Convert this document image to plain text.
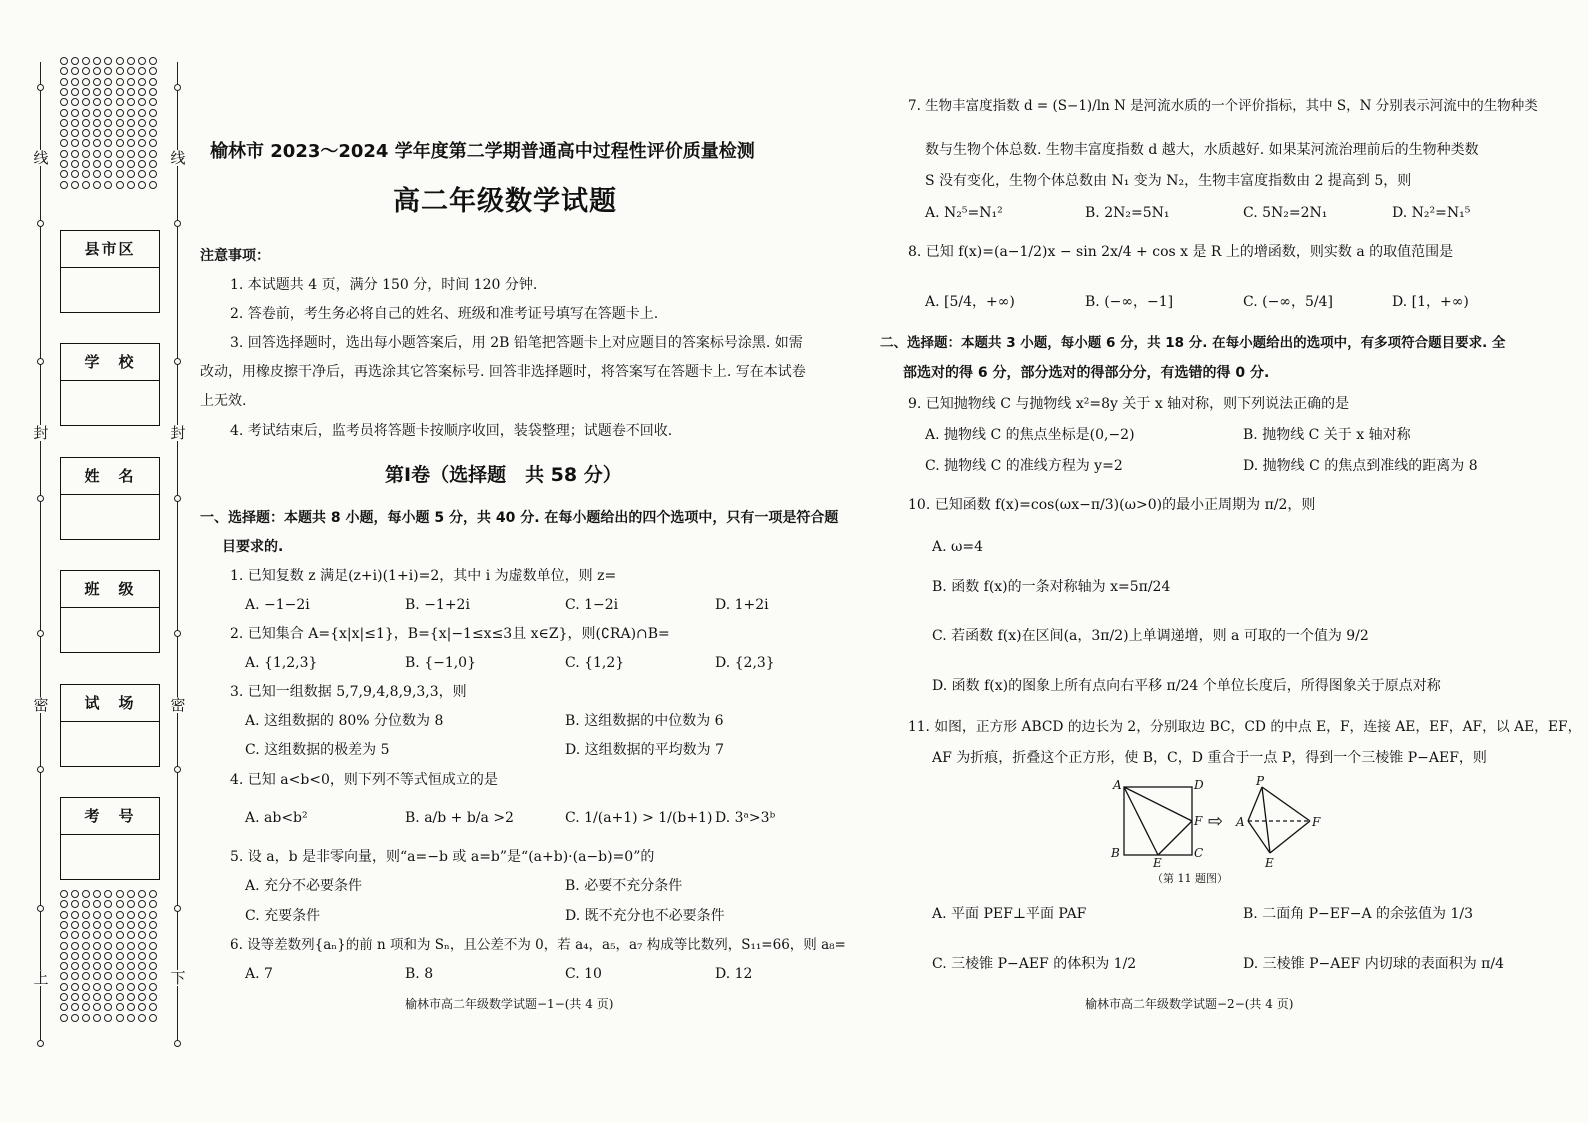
线
封
密
上
线
封
密
下
县市区
学　校
姓　名
班　级
试　场
考　号
榆林市 2023～2024 学年度第二学期普通高中过程性评价质量检测
高二年级数学试题
注意事项：
1. 本试题共 4 页，满分 150 分，时间 120 分钟.
2. 答卷前，考生务必将自己的姓名、班级和准考证号填写在答题卡上.
3. 回答选择题时，选出每小题答案后，用 2B 铅笔把答题卡上对应题目的答案标号涂黑. 如需
改动，用橡皮擦干净后，再选涂其它答案标号. 回答非选择题时，将答案写在答题卡上. 写在本试卷
上无效.
4. 考试结束后，监考员将答题卡按顺序收回，装袋整理；试题卷不回收.
第Ⅰ卷（选择题　共 58 分）
一、选择题：本题共 8 小题，每小题 5 分，共 40 分. 在每小题给出的四个选项中，只有一项是符合题
目要求的.
1. 已知复数 z 满足(z+i)(1+i)=2，其中 i 为虚数单位，则 z=
A. −1−2i	B. −1+2i	C. 1−2i	D. 1+2i
2. 已知集合 A={x|x|≤1}，B={x|−1≤x≤3且 x∈Z}，则(∁RA)∩B=
A. {1,2,3}	B. {−1,0}	C. {1,2}	D. {2,3}
3. 已知一组数据 5,7,9,4,8,9,3,3，则
A. 这组数据的 80% 分位数为 8	B. 这组数据的中位数为 6
C. 这组数据的极差为 5	D. 这组数据的平均数为 7
4. 已知 a<b<0，则下列不等式恒成立的是
A. ab<b²	B. a/b + b/a >2	C. 1/(a+1) > 1/(b+1) D. 3ᵃ>3ᵇ
5. 设 a，b 是非零向量，则“a=−b 或 a=b”是“(a+b)·(a−b)=0”的
A. 充分不必要条件	B. 必要不充分条件
C. 充要条件	D. 既不充分也不必要条件
6. 设等差数列{aₙ}的前 n 项和为 Sₙ，且公差不为 0，若 a₄，a₅，a₇ 构成等比数列，S₁₁=66，则 a₈=
A. 7	B. 8	C. 10	D. 12
榆林市高二年级数学试题−1−(共 4 页)
7. 生物丰富度指数 d = (S−1)/ln N 是河流水质的一个评价指标，其中 S，N 分别表示河流中的生物种类
数与生物个体总数. 生物丰富度指数 d 越大，水质越好. 如果某河流治理前后的生物种类数
S 没有变化，生物个体总数由 N₁ 变为 N₂，生物丰富度指数由 2 提高到 5，则
A. N₂⁵=N₁²	B. 2N₂=5N₁	C. 5N₂=2N₁	D. N₂²=N₁⁵
8. 已知 f(x)=(a−1/2)x − sin 2x/4 + cos x 是 R 上的增函数，则实数 a 的取值范围是
A. [5/4，+∞)	B. (−∞，−1]	C. (−∞，5/4]	D. [1，+∞)
二、选择题：本题共 3 小题，每小题 6 分，共 18 分. 在每小题给出的选项中，有多项符合题目要求. 全
部选对的得 6 分，部分选对的得部分分，有选错的得 0 分.
9. 已知抛物线 C 与抛物线 x²=8y 关于 x 轴对称，则下列说法正确的是
A. 抛物线 C 的焦点坐标是(0,−2)	B. 抛物线 C 关于 x 轴对称
C. 抛物线 C 的准线方程为 y=2	D. 抛物线 C 的焦点到准线的距离为 8
10. 已知函数 f(x)=cos(ωx−π/3)(ω>0)的最小正周期为 π/2，则
A. ω=4
B. 函数 f(x)的一条对称轴为 x=5π/24
C. 若函数 f(x)在区间(a，3π/2)上单调递增，则 a 可取的一个值为 9/2
D. 函数 f(x)的图象上所有点向右平移 π/24 个单位长度后，所得图象关于原点对称
11. 如图，正方形 ABCD 的边长为 2，分别取边 BC，CD 的中点 E，F，连接 AE，EF，AF，以 AE，EF，
AF 为折痕，折叠这个正方形，使 B，C，D 重合于一点 P，得到一个三棱锥 P−AEF，则
A	D
F
B
E
C
P
A	F
E
⇨
（第 11 题图）
A. 平面 PEF⊥平面 PAF	B. 二面角 P−EF−A 的余弦值为 1/3
C. 三棱锥 P−AEF 的体积为 1/2	D. 三棱锥 P−AEF 内切球的表面积为 π/4
榆林市高二年级数学试题−2−(共 4 页)
